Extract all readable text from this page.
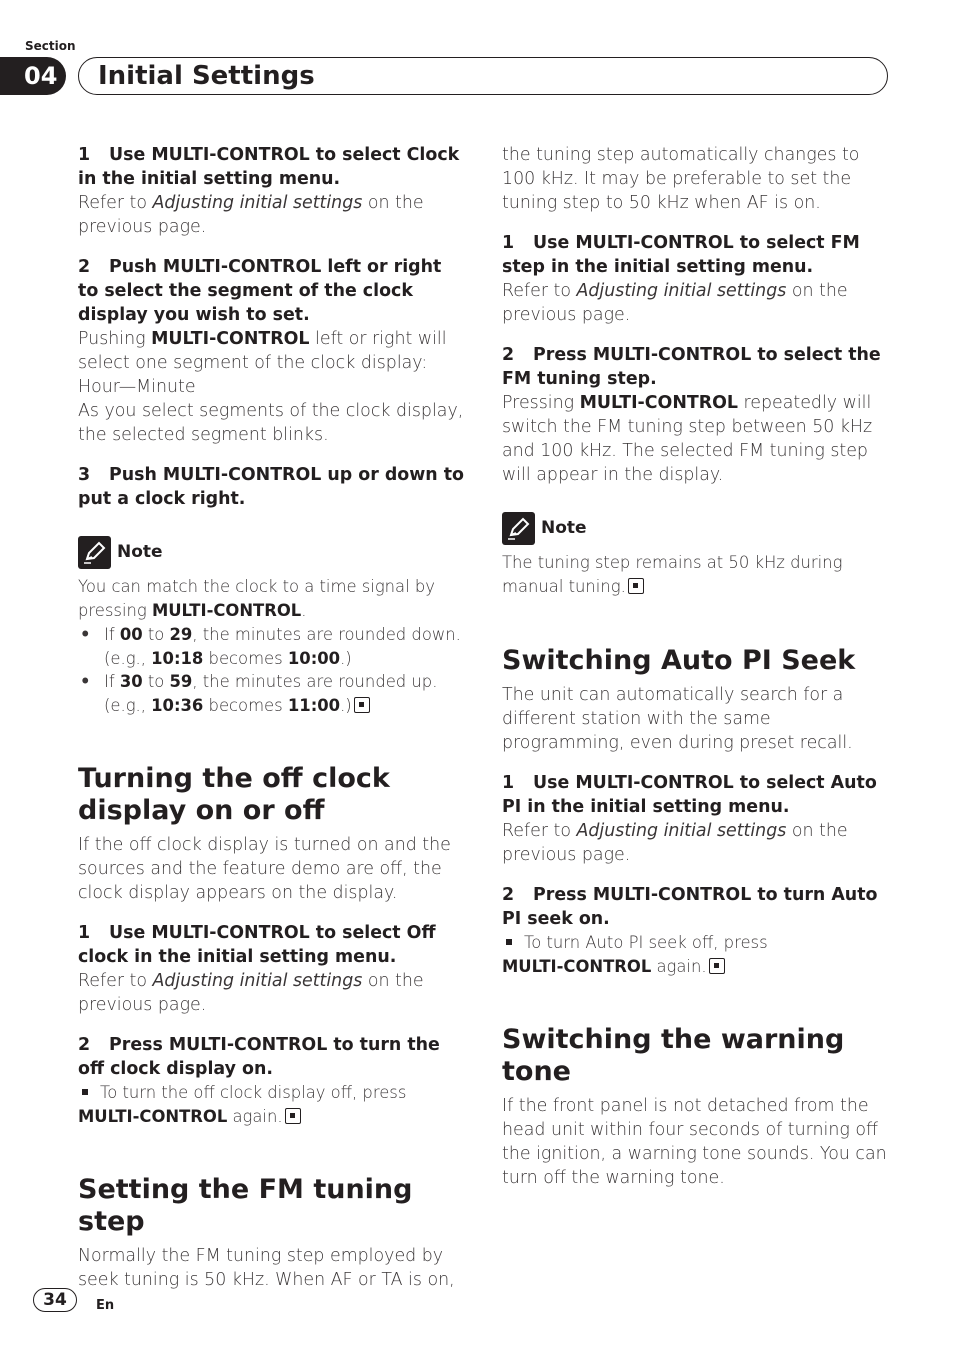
Section
04	Initial Settings

1 Use MULTI-CONTROL to select Clock in the initial setting menu.

Refer to Adjusting initial settings on the previous page.

2 Push MULTI-CONTROL left or right to select the segment of the clock display you wish to set.

Pushing MULTI-CONTROL left or right will select one segment of the clock display:

Hour—Minute

As you select segments of the clock display, the selected segment blinks.

3 Push MULTI-CONTROL up or down to put a clock right.

Note

You can match the clock to a time signal by pressing MULTI-CONTROL.

• If 00 to 29, the minutes are rounded down. (e.g., 10:18 becomes 10:00.)
• If 30 to 59, the minutes are rounded up. (e.g., 10:36 becomes 11:00.)
Turning the off clock display on or off

If the off clock display is turned on and the sources and the feature demo are off, the clock display appears on the display.

1 Use MULTI-CONTROL to select Off clock in the initial setting menu.

Refer to Adjusting initial settings on the previous page.

2 Press MULTI-CONTROL to turn the off clock display on.

To turn the off clock display off, press

MULTI-CONTROL again.

Setting the FM tuning step

Normally the FM tuning step employed by seek tuning is 50 kHz. When AF or TA is on,

the tuning step automatically changes to 100 kHz. It may be preferable to set the tuning step to 50 kHz when AF is on.

1 Use MULTI-CONTROL to select FM step in the initial setting menu.

Refer to Adjusting initial settings on the previous page.

2 Press MULTI-CONTROL to select the FM tuning step.

Pressing MULTI-CONTROL repeatedly will switch the FM tuning step between 50 kHz and 100 kHz. The selected FM tuning step will appear in the display.

Note

The tuning step remains at 50 kHz during manual tuning.

Switching Auto PI Seek

The unit can automatically search for a different station with the same programming, even during preset recall.

1 Use MULTI-CONTROL to select Auto PI in the initial setting menu.

Refer to Adjusting initial settings on the previous page.

2 Press MULTI-CONTROL to turn Auto PI seek on.

To turn Auto PI seek off, press

MULTI-CONTROL again.

Switching the warning tone

If the front panel is not detached from the head unit within four seconds of turning off the ignition, a warning tone sounds. You can turn off the warning tone.

34	En
